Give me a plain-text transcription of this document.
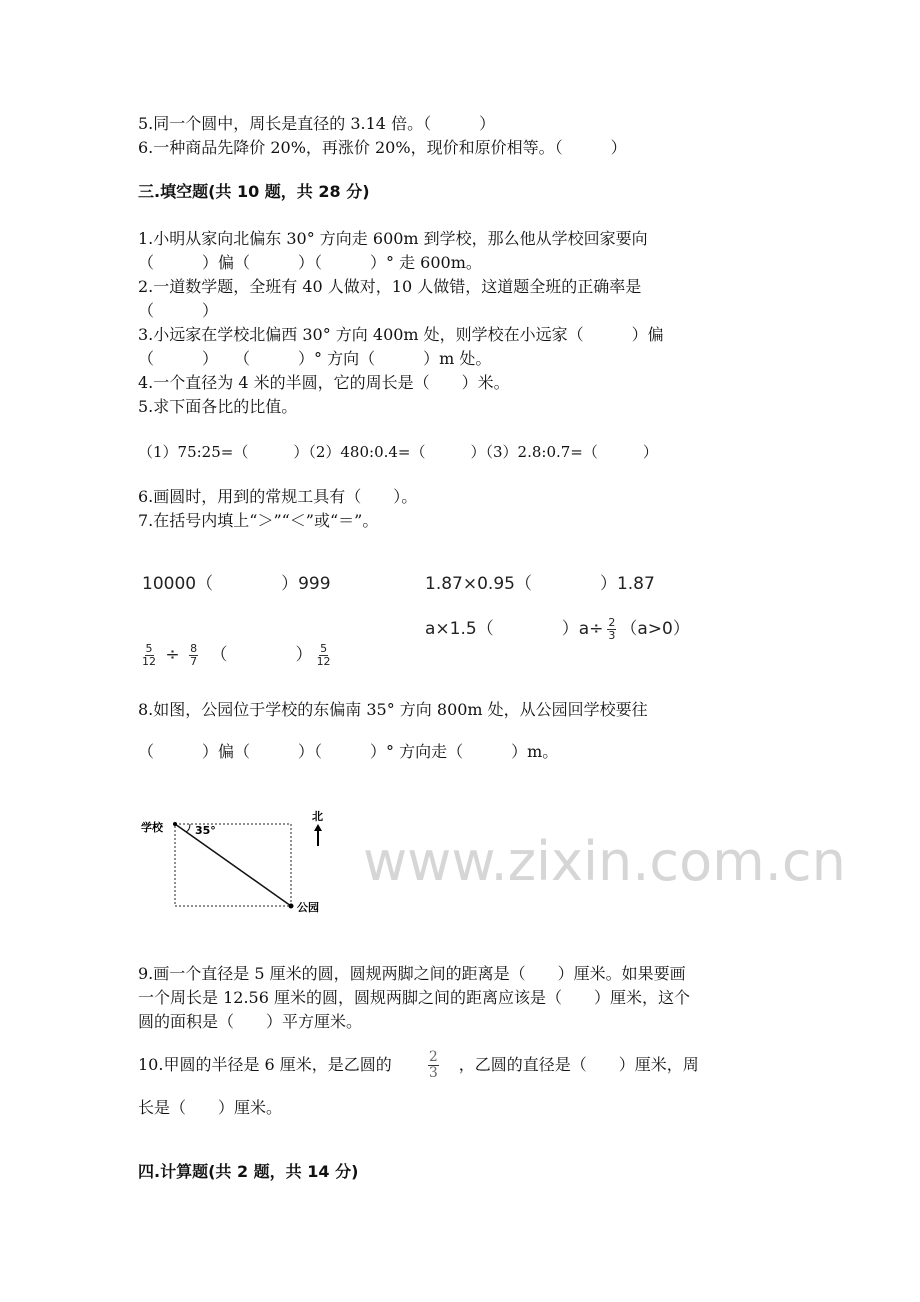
5.同一个圆中，周长是直径的 3.14 倍。（　　　）
6.一种商品先降价 20%，再涨价 20%，现价和原价相等。（　　　）
三.填空题(共 10 题，共 28 分)
1.小明从家向北偏东 30° 方向走 600m 到学校，那么他从学校回家要向
（　　　）偏（　　　）（　　　）° 走 600m。
2.一道数学题，全班有 40 人做对，10 人做错，这道题全班的正确率是
（　　　）
3.小远家在学校北偏西 30° 方向 400m 处，则学校在小远家（　　　）偏
（　　　）　　（　　　）° 方向（　　　）m 处。
4.一个直径为 4 米的半圆，它的周长是（　　）米。
5.求下面各比的比值。
（1）75:25=（　　　）（2）480:0.4=（　　　）（3）2.8:0.7=（　　　）
6.画圆时，用到的常规工具有（　　）。
7.在括号内填上“＞”“＜”或“＝”。
10000（　　　　）999	1.87×0.95（　　　　）1.87

$\frac{5}{12} \div \frac{8}{7}$ 　（　　　　） $\frac{5}{12}$

a×1.5（　　　　）$a\div \frac{2}{3} (a>0)$
8.如图，公园位于学校的东偏南 35° 方向 800m 处，从公园回学校要往
（　　　）偏（　　　）（　　　）° 方向走（　　　）m。
学校	35°
公园
北
www.zixin.com.cn
9.画一个直径是 5 厘米的圆，圆规两脚之间的距离是（　　）厘米。如果要画
一个周长是 12.56 厘米的圆，圆规两脚之间的距离应该是（　　）厘米，这个
圆的面积是（　　）平方厘米。
10.甲圆的半径是 6 厘米，是乙圆的　　	$\frac{2}{3}$
　 ，乙圆的直径是（　　）厘米，周
长是（　　）厘米。
四.计算题(共 2 题，共 14 分)
